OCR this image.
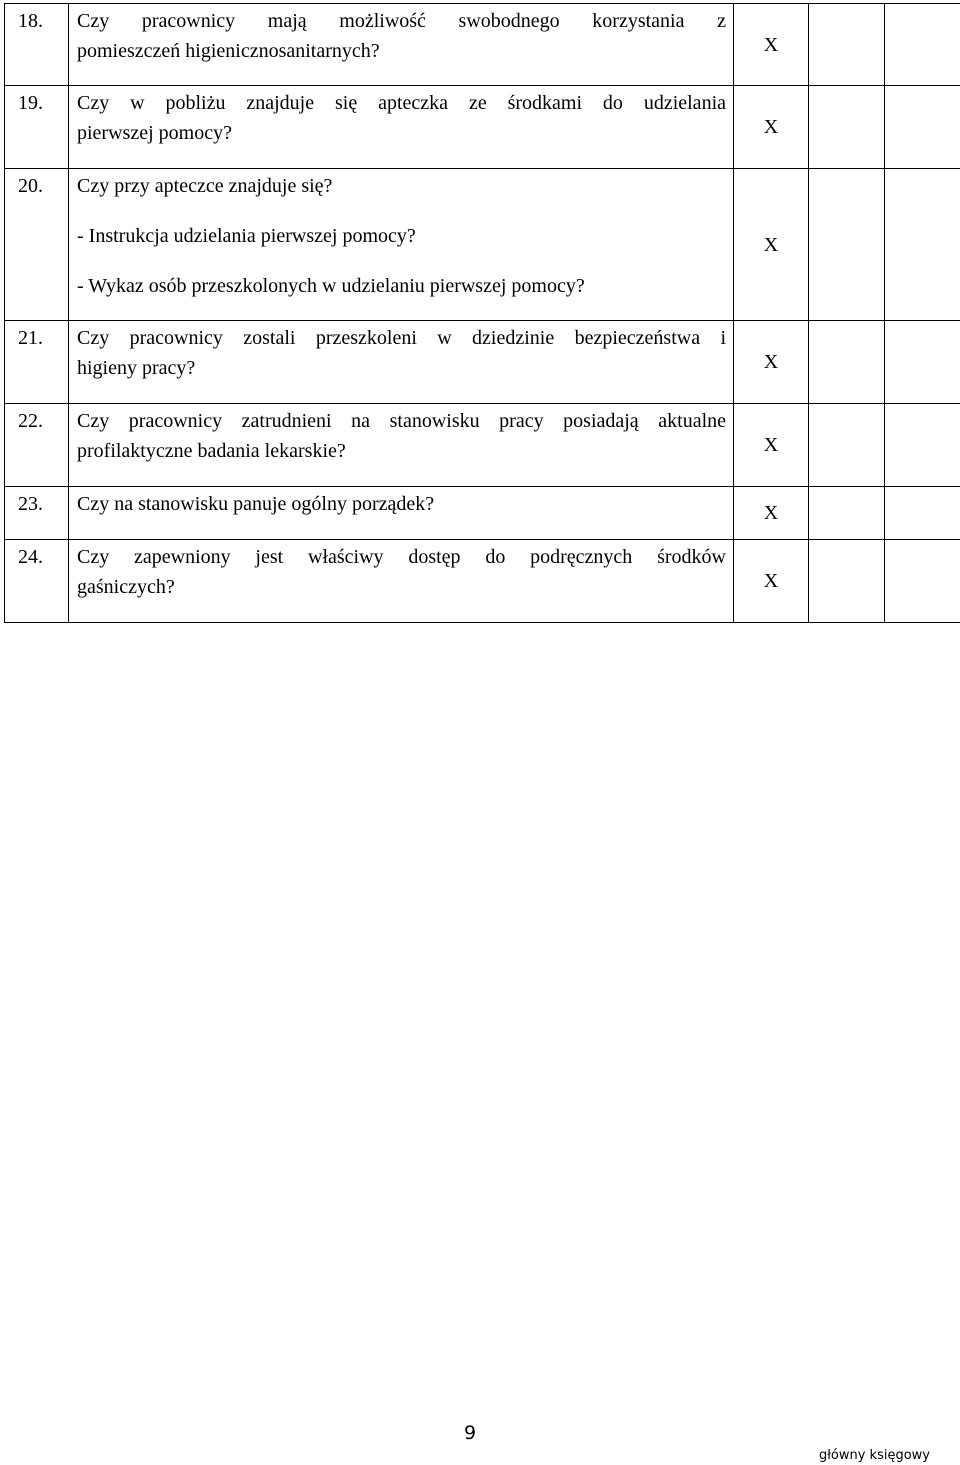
18.	Czy pracownicy mają możliwość swobodnego korzystania z
pomieszczeń higienicznosanitarnych?	X		
19.	Czy w pobliżu znajduje się apteczka ze środkami do udzielania
pierwszej pomocy?	X		
20.	Czy przy apteczce znajduje się?
- Instrukcja udzielania pierwszej pomocy?
- Wykaz osób przeszkolonych w udzielaniu pierwszej pomocy?	X		
21.	Czy pracownicy zostali przeszkoleni w dziedzinie bezpieczeństwa i
higieny pracy?	X		
22.	Czy pracownicy zatrudnieni na stanowisku pracy posiadają aktualne
profilaktyczne badania lekarskie?	X		
23.	Czy na stanowisku panuje ogólny porządek?	X		
24.	Czy zapewniony jest właściwy dostęp do podręcznych środków
gaśniczych?	X		
9
główny księgowy
